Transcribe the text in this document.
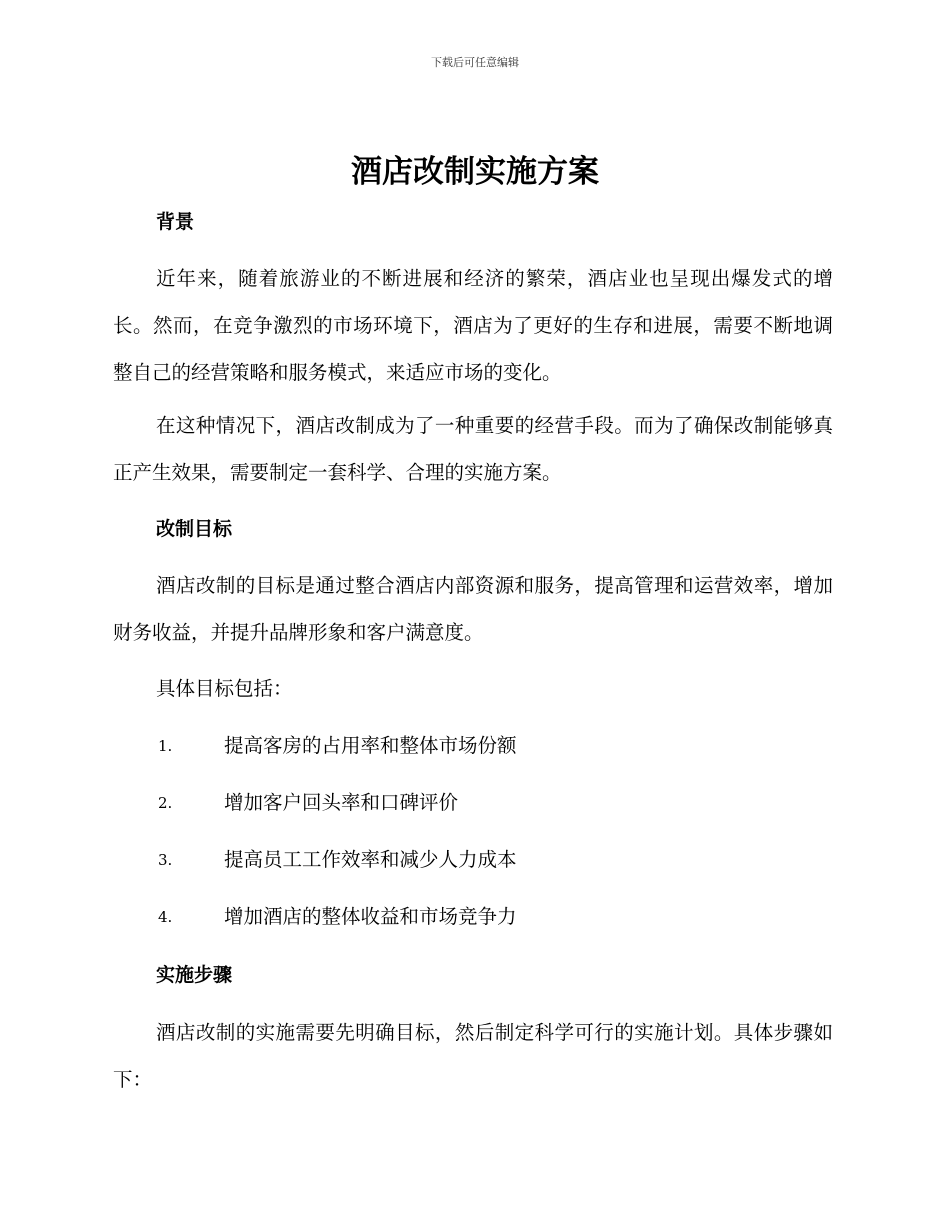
下载后可任意编辑
酒店改制实施方案
背景

近年来，随着旅游业的不断进展和经济的繁荣，酒店业也呈现出爆发式的增长。然而，在竞争激烈的市场环境下，酒店为了更好的生存和进展，需要不断地调整自己的经营策略和服务模式，来适应市场的变化。

在这种情况下，酒店改制成为了一种重要的经营手段。而为了确保改制能够真正产生效果，需要制定一套科学、合理的实施方案。

改制目标

酒店改制的目标是通过整合酒店内部资源和服务，提高管理和运营效率，增加财务收益，并提升品牌形象和客户满意度。

具体目标包括：

1.	提高客房的占用率和整体市场份额
2.	增加客户回头率和口碑评价
3.	提高员工工作效率和减少人力成本
4.	增加酒店的整体收益和市场竞争力
实施步骤

酒店改制的实施需要先明确目标，然后制定科学可行的实施计划。具体步骤如下：
